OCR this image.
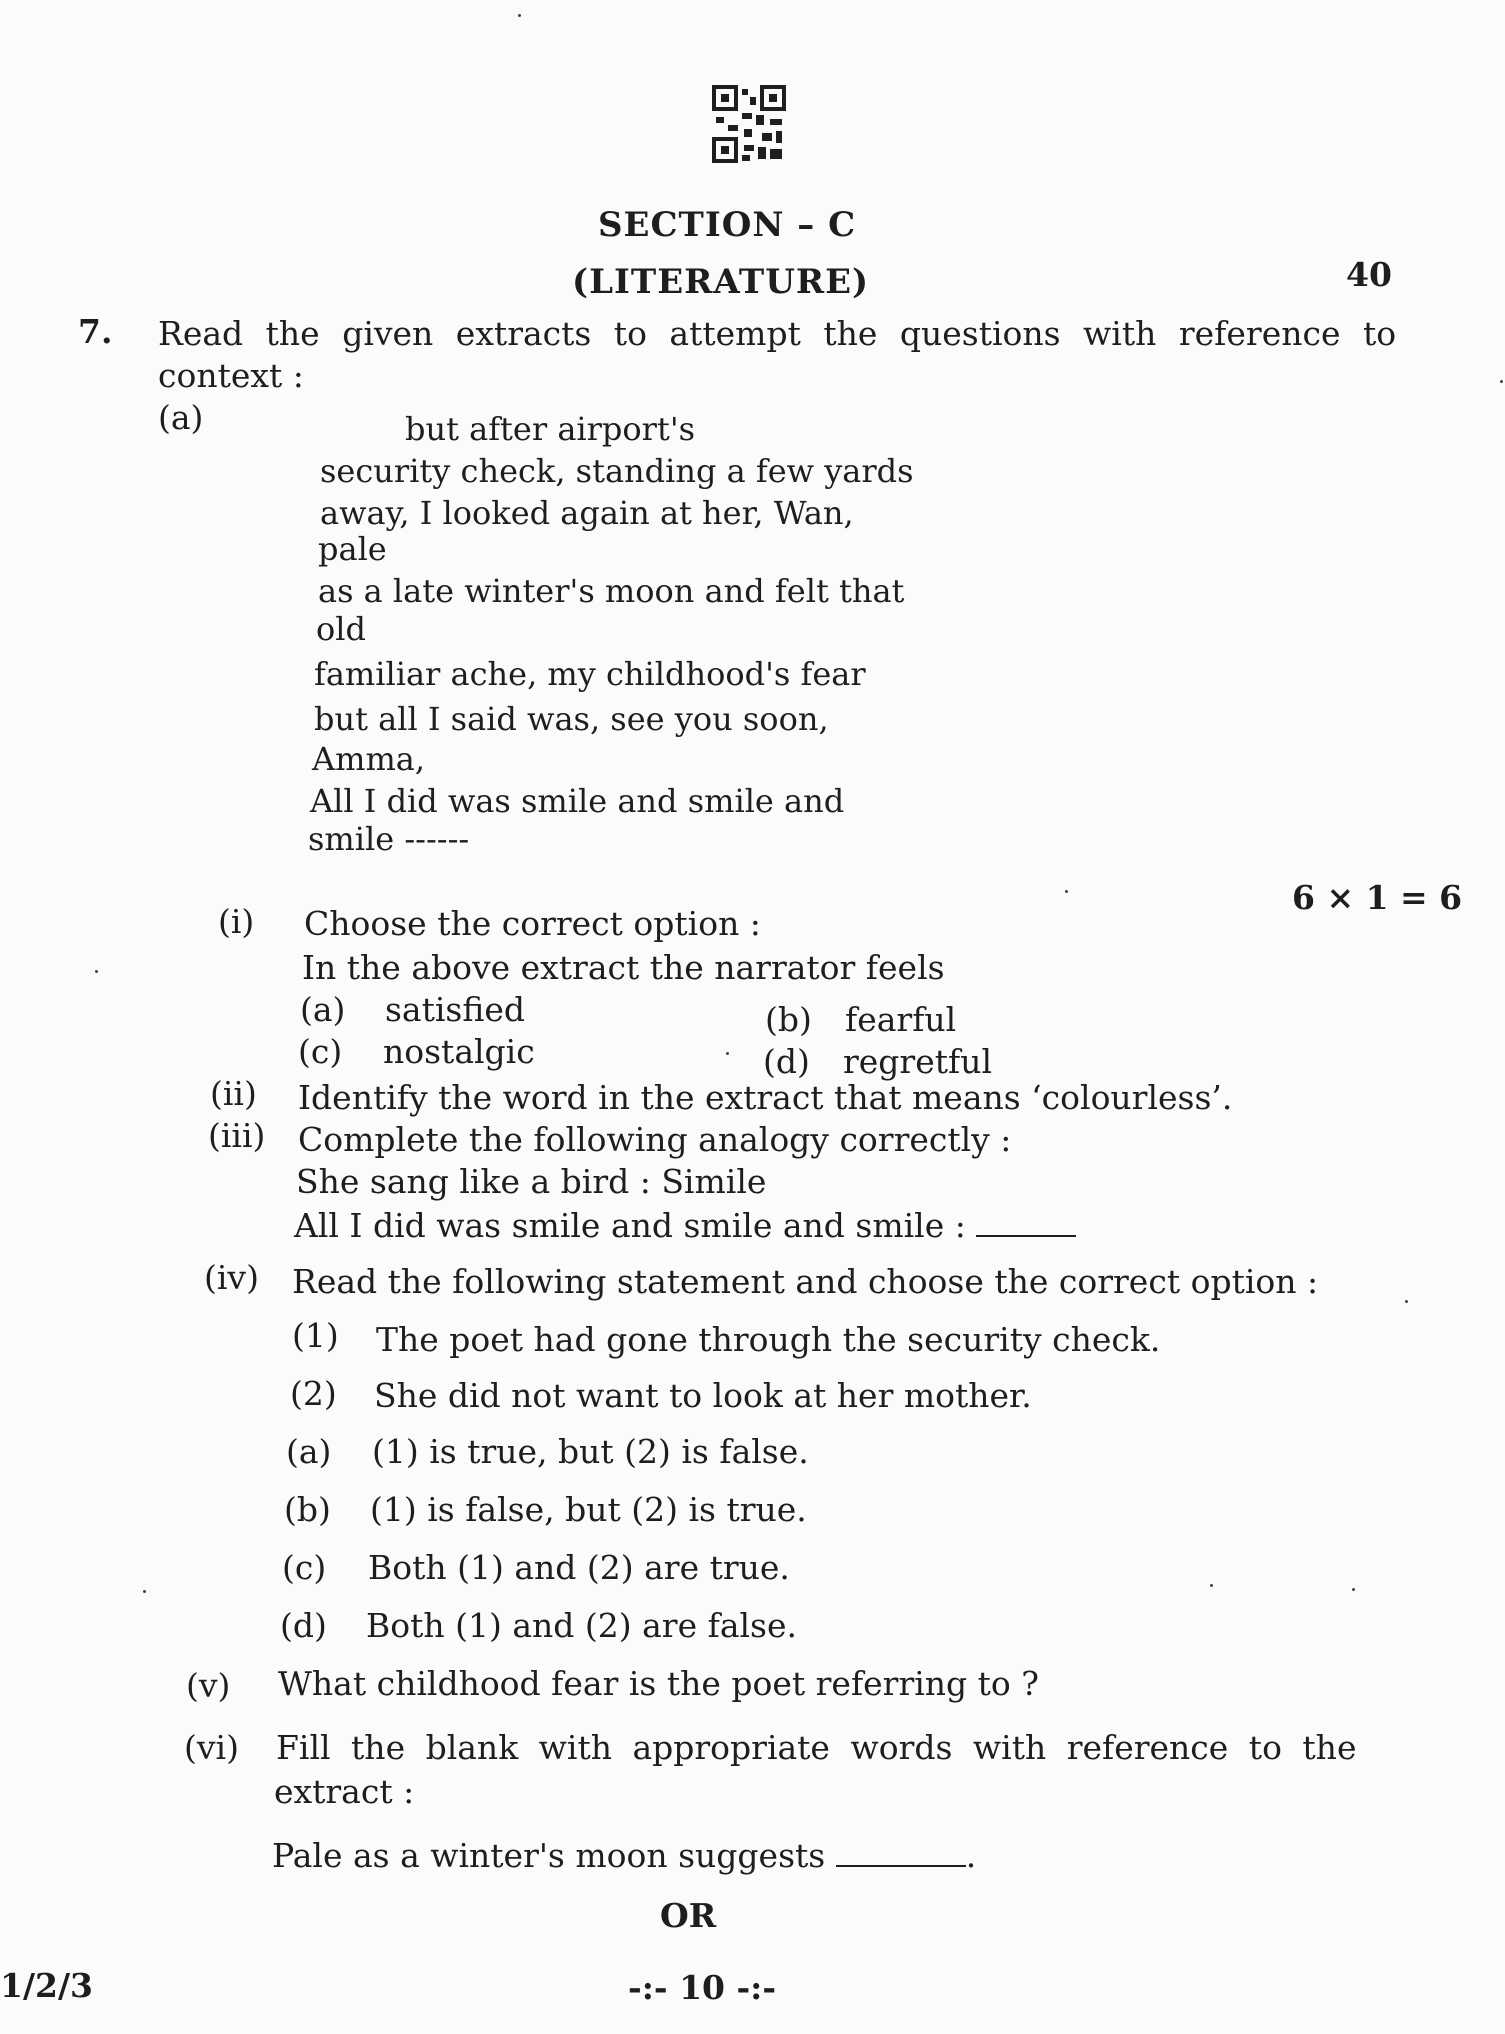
SECTION – C
(LITERATURE)	40
7. Read the given extracts to attempt the questions with reference to
context :
(a)	but after airport's
security check, standing a few yards
away, I looked again at her, Wan,
pale
as a late winter's moon and felt that
old
familiar ache, my childhood's fear
but all I said was, see you soon,
Amma,
All I did was smile and smile and
smile ------
6 × 1 = 6
(i) Choose the correct option :
In the above extract the narrator feels
(a) satisfied	(b) fearful
(c) nostalgic	(d) regretful
(ii) Identify the word in the extract that means ‘colourless’.
(iii) Complete the following analogy correctly :
She sang like a bird : Simile
All I did was smile and smile and smile :
(iv) Read the following statement and choose the correct option :
(1) The poet had gone through the security check.
(2) She did not want to look at her mother.
(a) (1) is true, but (2) is false.
(b) (1) is false, but (2) is true.
(c) Both (1) and (2) are true.
(d) Both (1) and (2) are false.
(v) What childhood fear is the poet referring to ?
(vi) Fill the blank with appropriate words with reference to the
extract :
Pale as a winter's moon suggests	.
OR
1/2/3	-:- 10 -:-
